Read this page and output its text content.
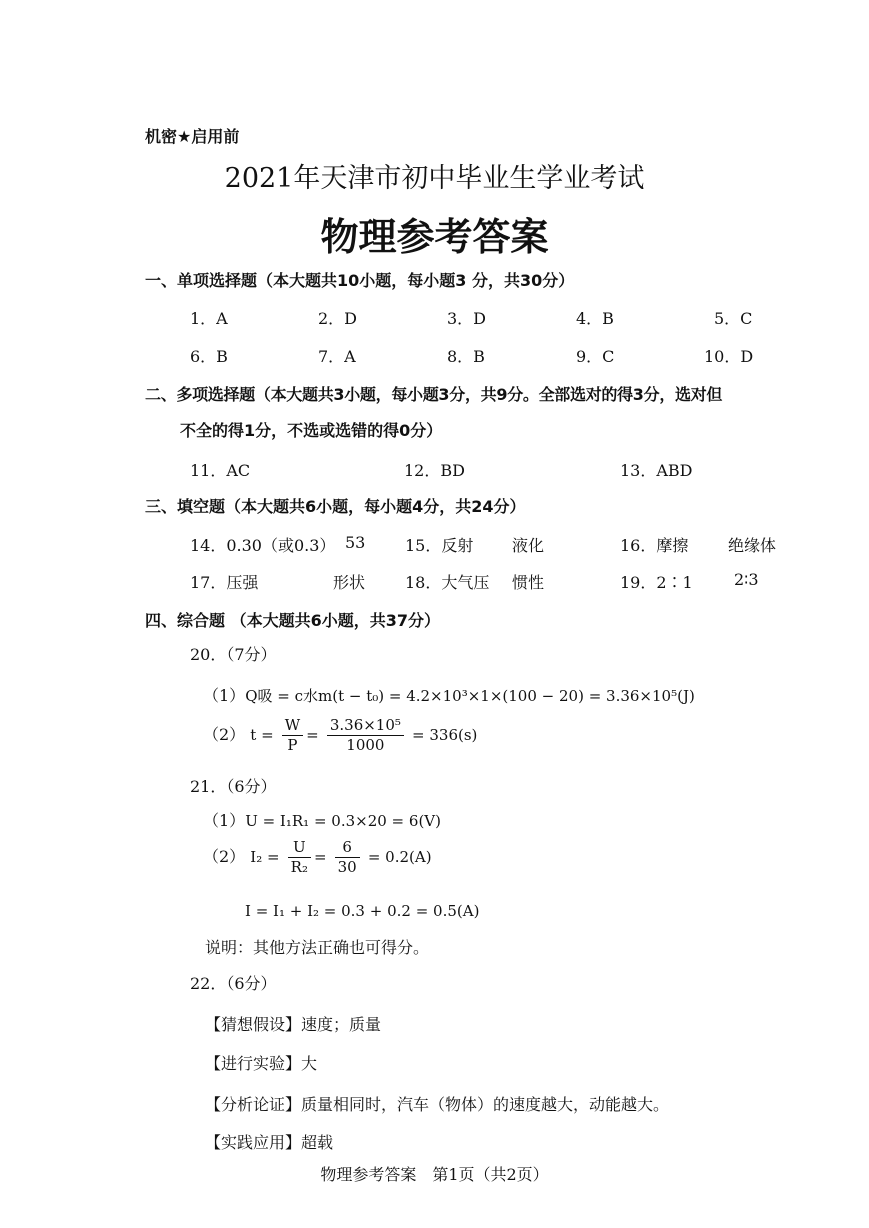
机密★启用前
2021年天津市初中毕业生学业考试
物理参考答案
一、单项选择题（本大题共10小题，每小题3 分，共30分）
1．A	2．D	3．D	4．B	5．C
6．B	7．A	8．B	9．C	10．D
二、多项选择题（本大题共3小题，每小题3分，共9分。全部选对的得3分，选对但
不全的得1分，不选或选错的得0分）
11．AC	12．BD	13．ABD
三、填空题（本大题共6小题，每小题4分，共24分）
14．0.30（或0.3） 53 15．反射 液化	16．摩擦 绝缘体
17．压强	形状 18．大气压 惯性	19．2∶1	2∶3
四、综合题 （本大题共6小题，共37分）
20．（7分）
（1）Q吸 = c水m(t − t₀) = 4.2×10³×1×(100 − 20) = 3.36×10⁵(J)
（2） $t = \frac{W}{P} = \frac{\text{3.36×10⁵}}{1000} = 336(s)$
21．（6分）
（1）U = I₁R₁ = 0.3×20 = 6(V)
（2） $I_2 = \frac{U}{\text{R₂}} = \frac{6}{30} = 0.2(A)$
I = I₁ + I₂ = 0.3 + 0.2 = 0.5(A)
说明：其他方法正确也可得分。
22．（6分）
【猜想假设】速度；质量
【进行实验】大
【分析论证】质量相同时，汽车（物体）的速度越大，动能越大。
【实践应用】超载
物理参考答案　第1页（共2页）
